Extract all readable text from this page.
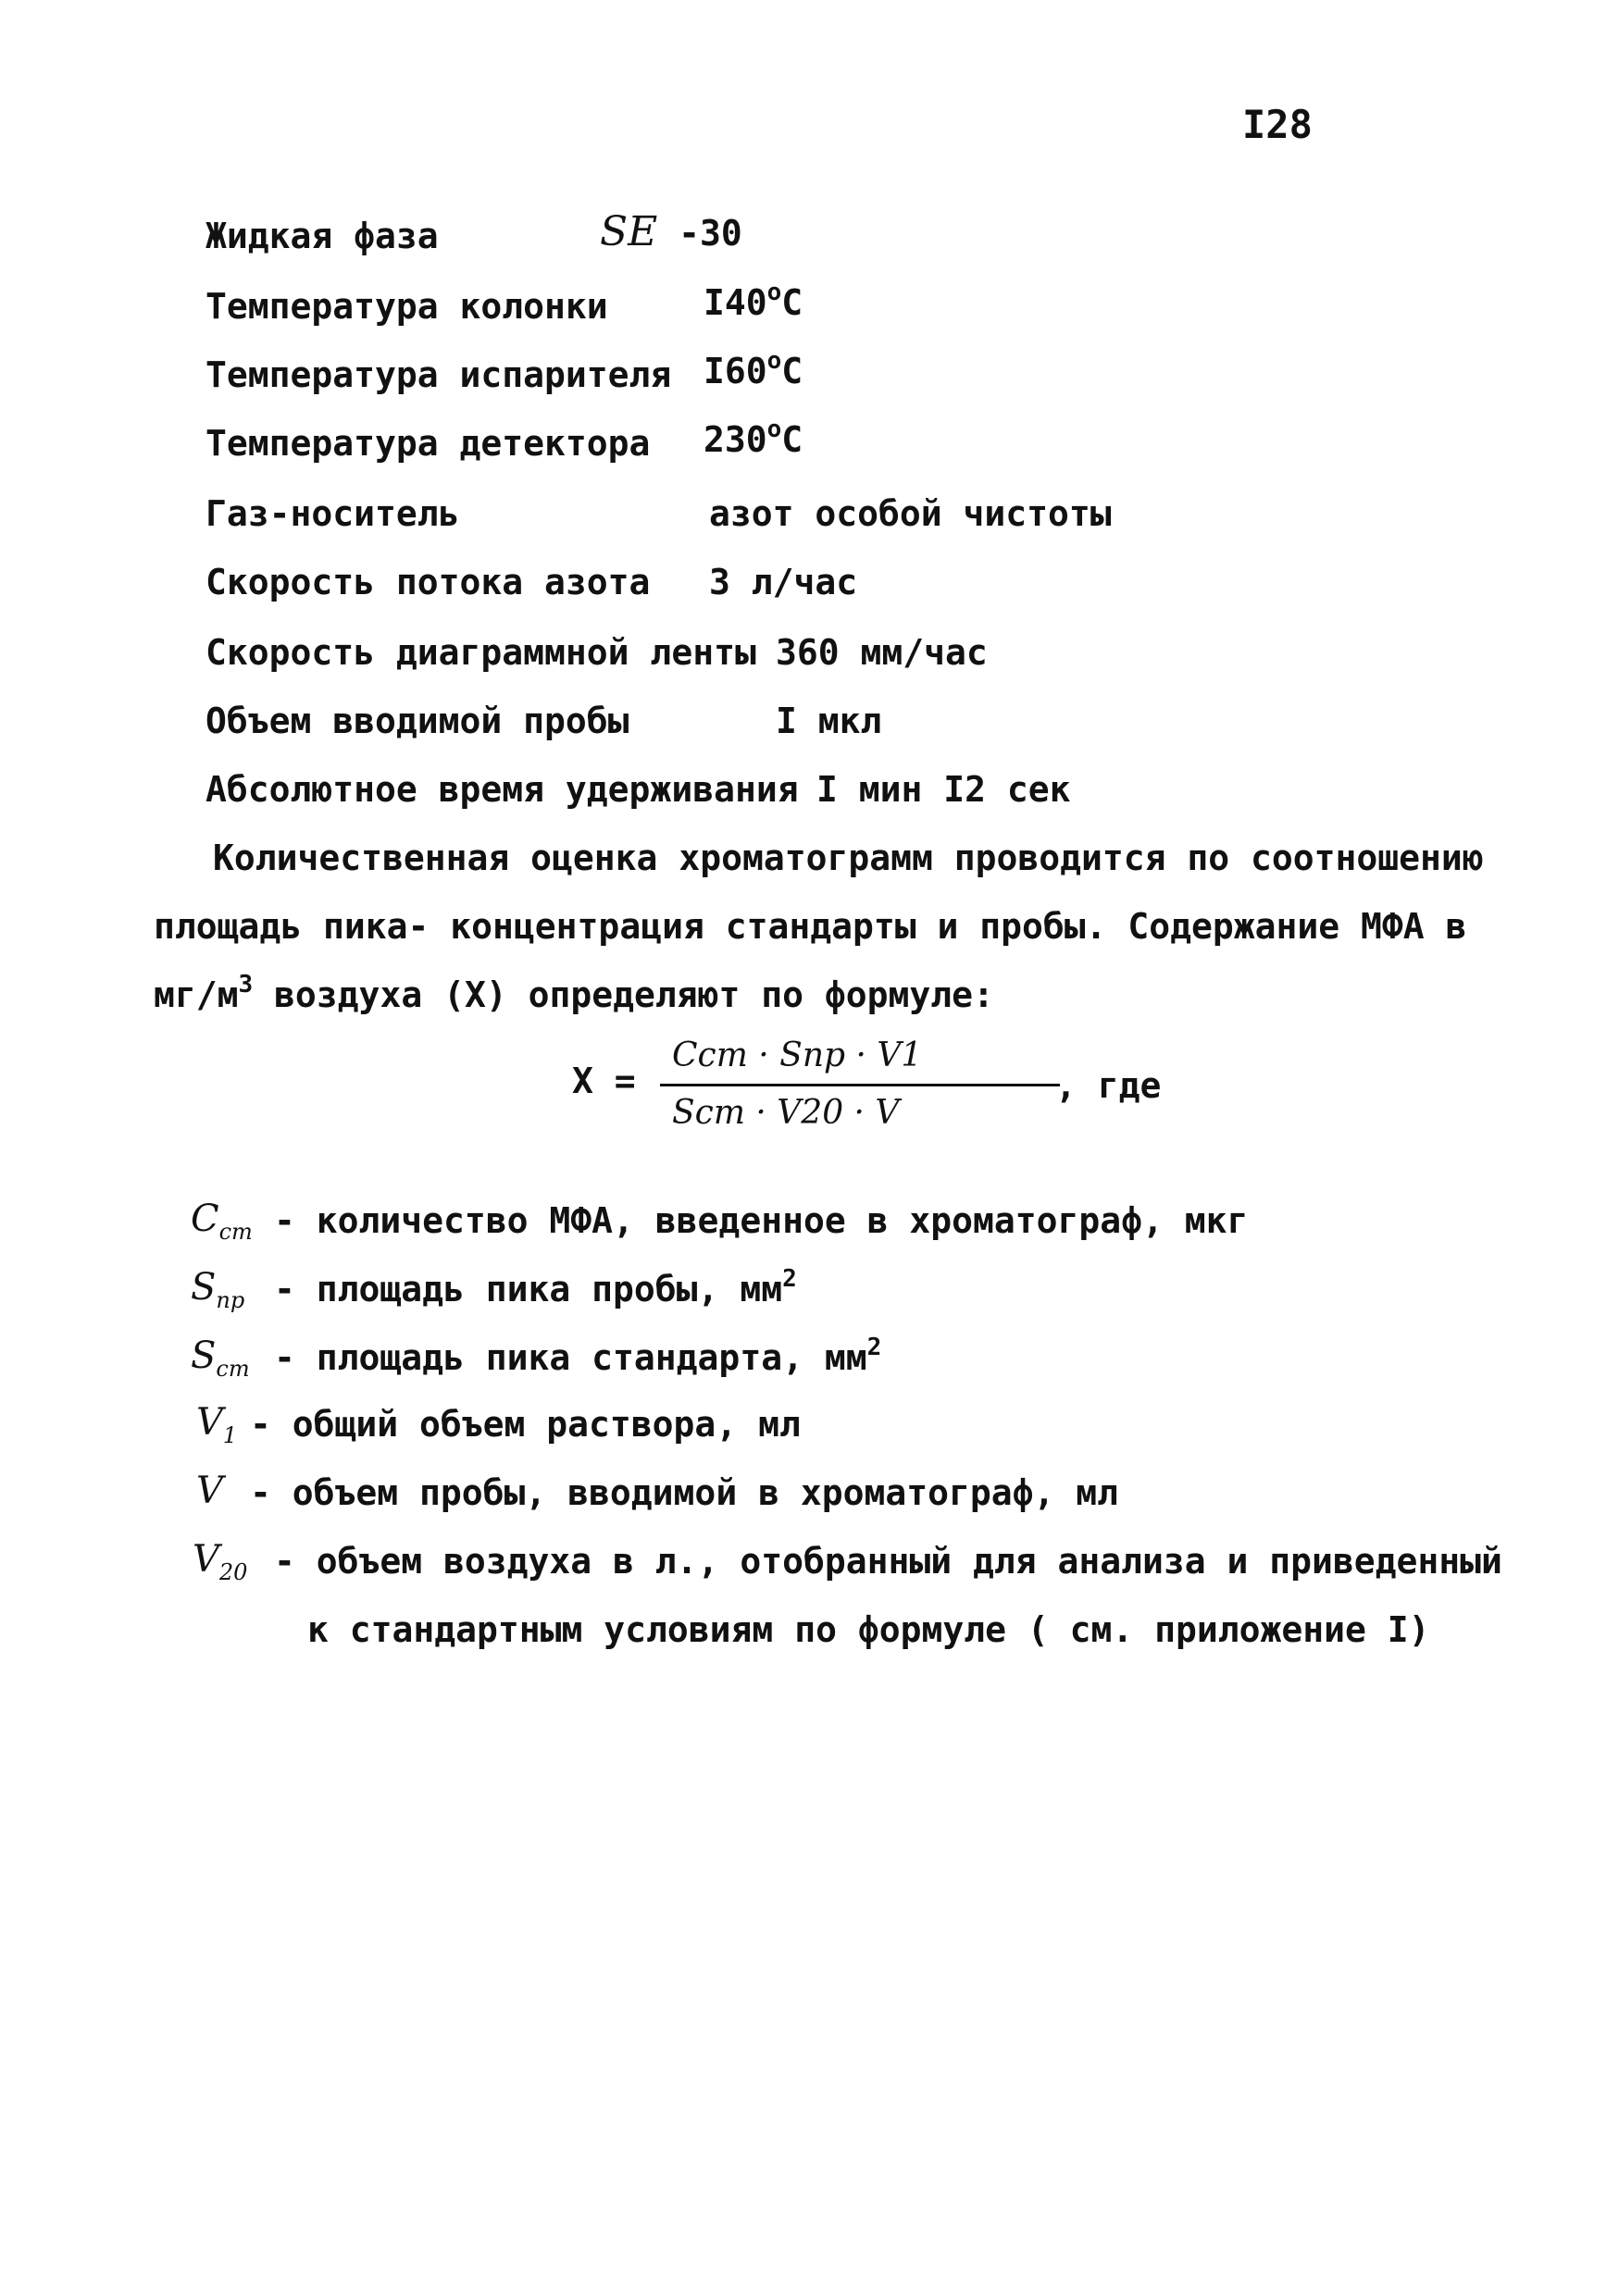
I28
Жидкая фаза	SE -30
Температура колонки	$I40^оС$
Температура испарителя $I60^оС$
Температура детектора $230^оС$
Газ-носитель	азот особой чистоты
Скорость потока азота 3 л/час
Скорость диаграммной ленты 360 мм/час
Объем вводимой пробы	I мкл
Абсолютное время удерживания I мин I2 сек
Количественная оценка хроматограмм проводится по соотношению
площадь пика- концентрация стандарты и пробы. Содержание МФА в
$мг/м^3$ воздуха (X) определяют по формуле:
X =
Ccm · Sпр · V1
Scm · V20 · V
, где
$C_{cm}$ - количество МФА, введенное в хроматограф, мкг
$S_{np}$ - площадь пика пробы, $мм^2$
$S_{cm}$ - площадь пика стандарта, $мм^2$
$V_1$ - общий объем раствора, мл
V - объем пробы, вводимой в хроматограф, мл
$V_{20}$ - объем воздуха в л., отобранный для анализа и приведенный
к стандартным условиям по формуле ( см. приложение I)
